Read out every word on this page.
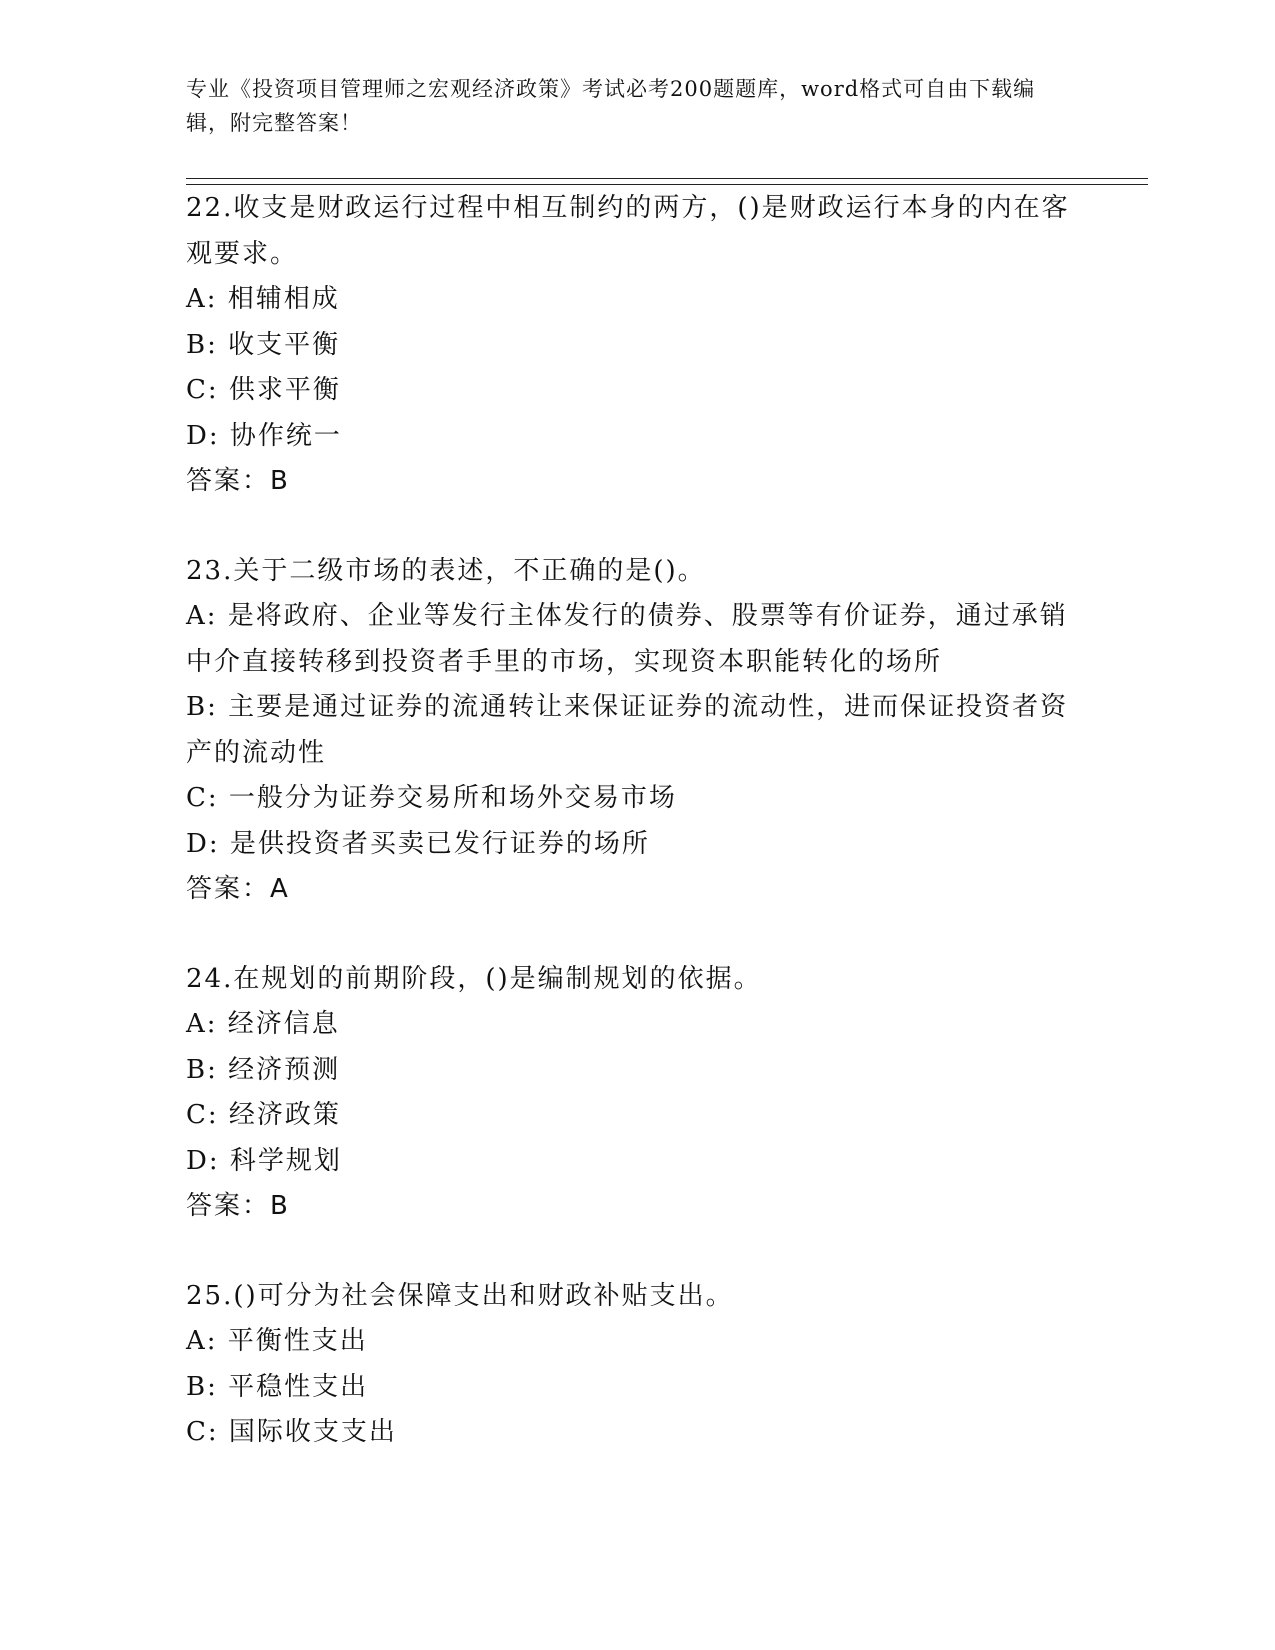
专业《投资项目管理师之宏观经济政策》考试必考200题题库，word格式可自由下载编辑，附完整答案！
22.收支是财政运行过程中相互制约的两方，()是财政运行本身的内在客观要求。
A: 相辅相成
B: 收支平衡
C: 供求平衡
D: 协作统一
答案：B
23.关于二级市场的表述，不正确的是()。
A: 是将政府、企业等发行主体发行的债券、股票等有价证券，通过承销中介直接转移到投资者手里的市场，实现资本职能转化的场所
B: 主要是通过证券的流通转让来保证证券的流动性，进而保证投资者资产的流动性
C: 一般分为证券交易所和场外交易市场
D: 是供投资者买卖已发行证券的场所
答案：A
24.在规划的前期阶段，()是编制规划的依据。
A: 经济信息
B: 经济预测
C: 经济政策
D: 科学规划
答案：B
25.()可分为社会保障支出和财政补贴支出。
A: 平衡性支出
B: 平稳性支出
C: 国际收支支出
